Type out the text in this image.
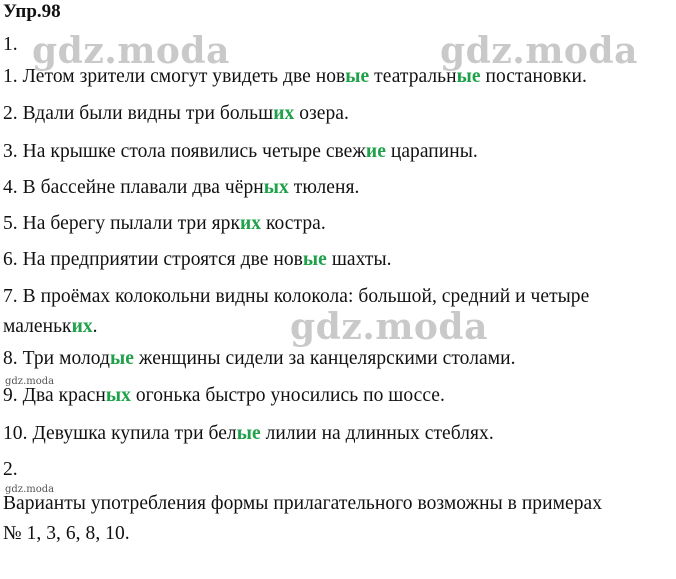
Упр.98
1.
1. Летом зрители смогут увидеть две новые театральные постановки.
2. Вдали были видны три больших озера.
3. На крышке стола появились четыре свежие царапины.
4. В бассейне плавали два чёрных тюленя.
5. На берегу пылали три ярких костра.
6. На предприятии строятся две новые шахты.
7. В проёмах колокольни видны колокола: большой, средний и четыре
маленьких.
8. Три молодые женщины сидели за канцелярскими столами.
9. Два красных огонька быстро уносились по шоссе.
10. Девушка купила три белые лилии на длинных стеблях.
2.
Варианты употребления формы прилагательного возможны в примерах
№ 1, 3, 6, 8, 10.
gdz.moda	gdz.moda
gdz.moda
gdz.moda
gdz.moda
